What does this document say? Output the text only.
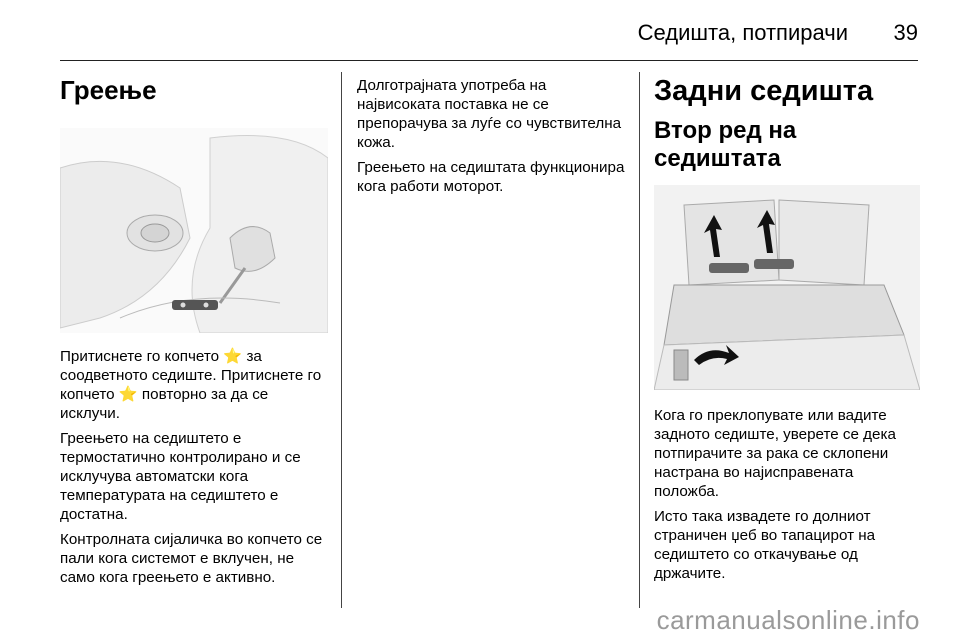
Седишта, потпирачи 39
Греење

Притиснете го копчето ⭐ за соодветното седиште. Притиснете го копчето ⭐ повторно за да се исклучи.

Греењето на седиштето е термостатично контролирано и се исклучува автоматски кога температурата на седиштето е достатна.

Контролната сијаличка во копчето се пали кога системот е вклучен, не само кога греењето е активно.

Долготрајната употреба на највисоката поставка не се препорачува за луѓе со чувствителна кожа.

Греењето на седиштата функционира кога работи моторот.

Задни седишта
Втор ред на седиштата

Кога го преклопувате или вадите задното седиште, уверете се дека потпирачите за рака се склопени настрана во најисправената положба.

Исто така извадете го долниот страничен џеб во тапацирот на седиштето со откачување од држачите.

carmanualsonline.info
